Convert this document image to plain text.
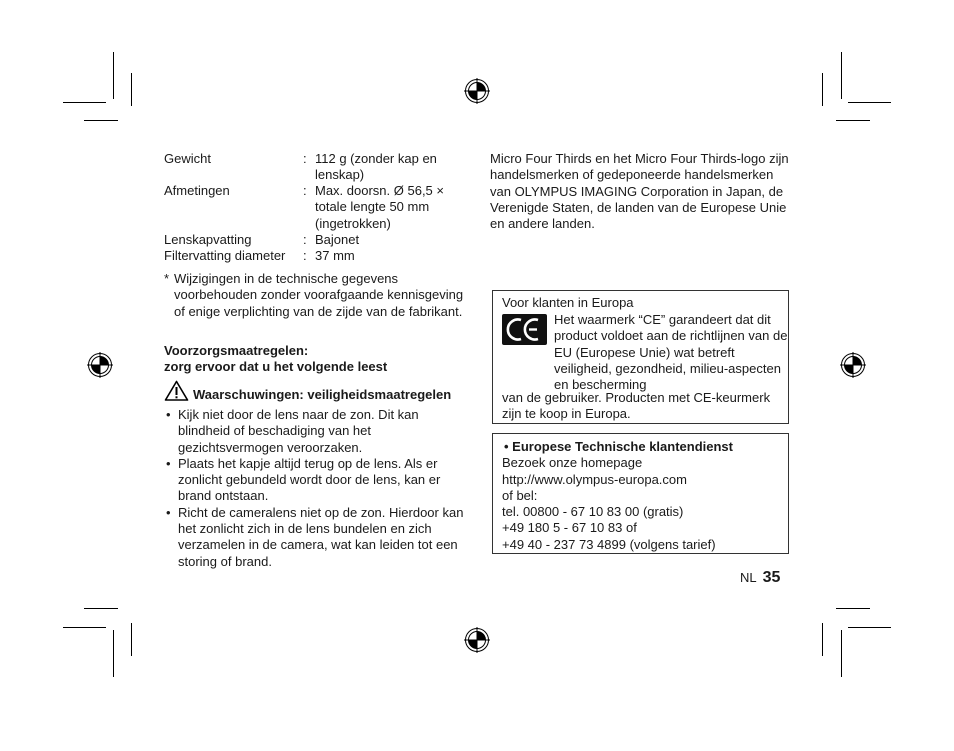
Gewicht	: 112 g (zonder kap en lenskap)
Afmetingen	: Max. doorsn. Ø 56,5 × totale lengte 50 mm (ingetrokken)
Lenskapvatting	: Bajonet
Filtervatting diameter : 37 mm
* Wijzigingen in de technische gegevens voorbehouden zonder voorafgaande kennisgeving of enige verplichting van de zijde van de fabrikant.
Voorzorgsmaatregelen:
zorg ervoor dat u het volgende leest
Waarschuwingen: veiligheidsmaatregelen
• Kijk niet door de lens naar de zon. Dit kan blindheid of beschadiging van het gezichtsvermogen veroorzaken.
• Plaats het kapje altijd terug op de lens. Als er zonlicht gebundeld wordt door de lens, kan er brand ontstaan.
• Richt de cameralens niet op de zon. Hierdoor kan het zonlicht zich in de lens bundelen en zich verzamelen in de camera, wat kan leiden tot een storing of brand.
Micro Four Thirds en het Micro Four Thirds-logo zijn handelsmerken of gedeponeerde handelsmerken van OLYMPUS IMAGING Corporation in Japan, de Verenigde Staten, de landen van de Europese Unie en andere landen.
Voor klanten in Europa
Het waarmerk “CE” garandeert dat dit product voldoet aan de richtlijnen van de EU (Europese Unie) wat betreft veiligheid, gezondheid, milieu-aspecten en bescherming
van de gebruiker. Producten met CE-keurmerk zijn te koop in Europa.
• Europese Technische klantendienst
Bezoek onze homepage
http://www.olympus-europa.com
of bel:
tel. 00800 - 67 10 83 00 (gratis)
+49 180 5 - 67 10 83 of
+49 40 - 237 73 4899 (volgens tarief)
NL 35
